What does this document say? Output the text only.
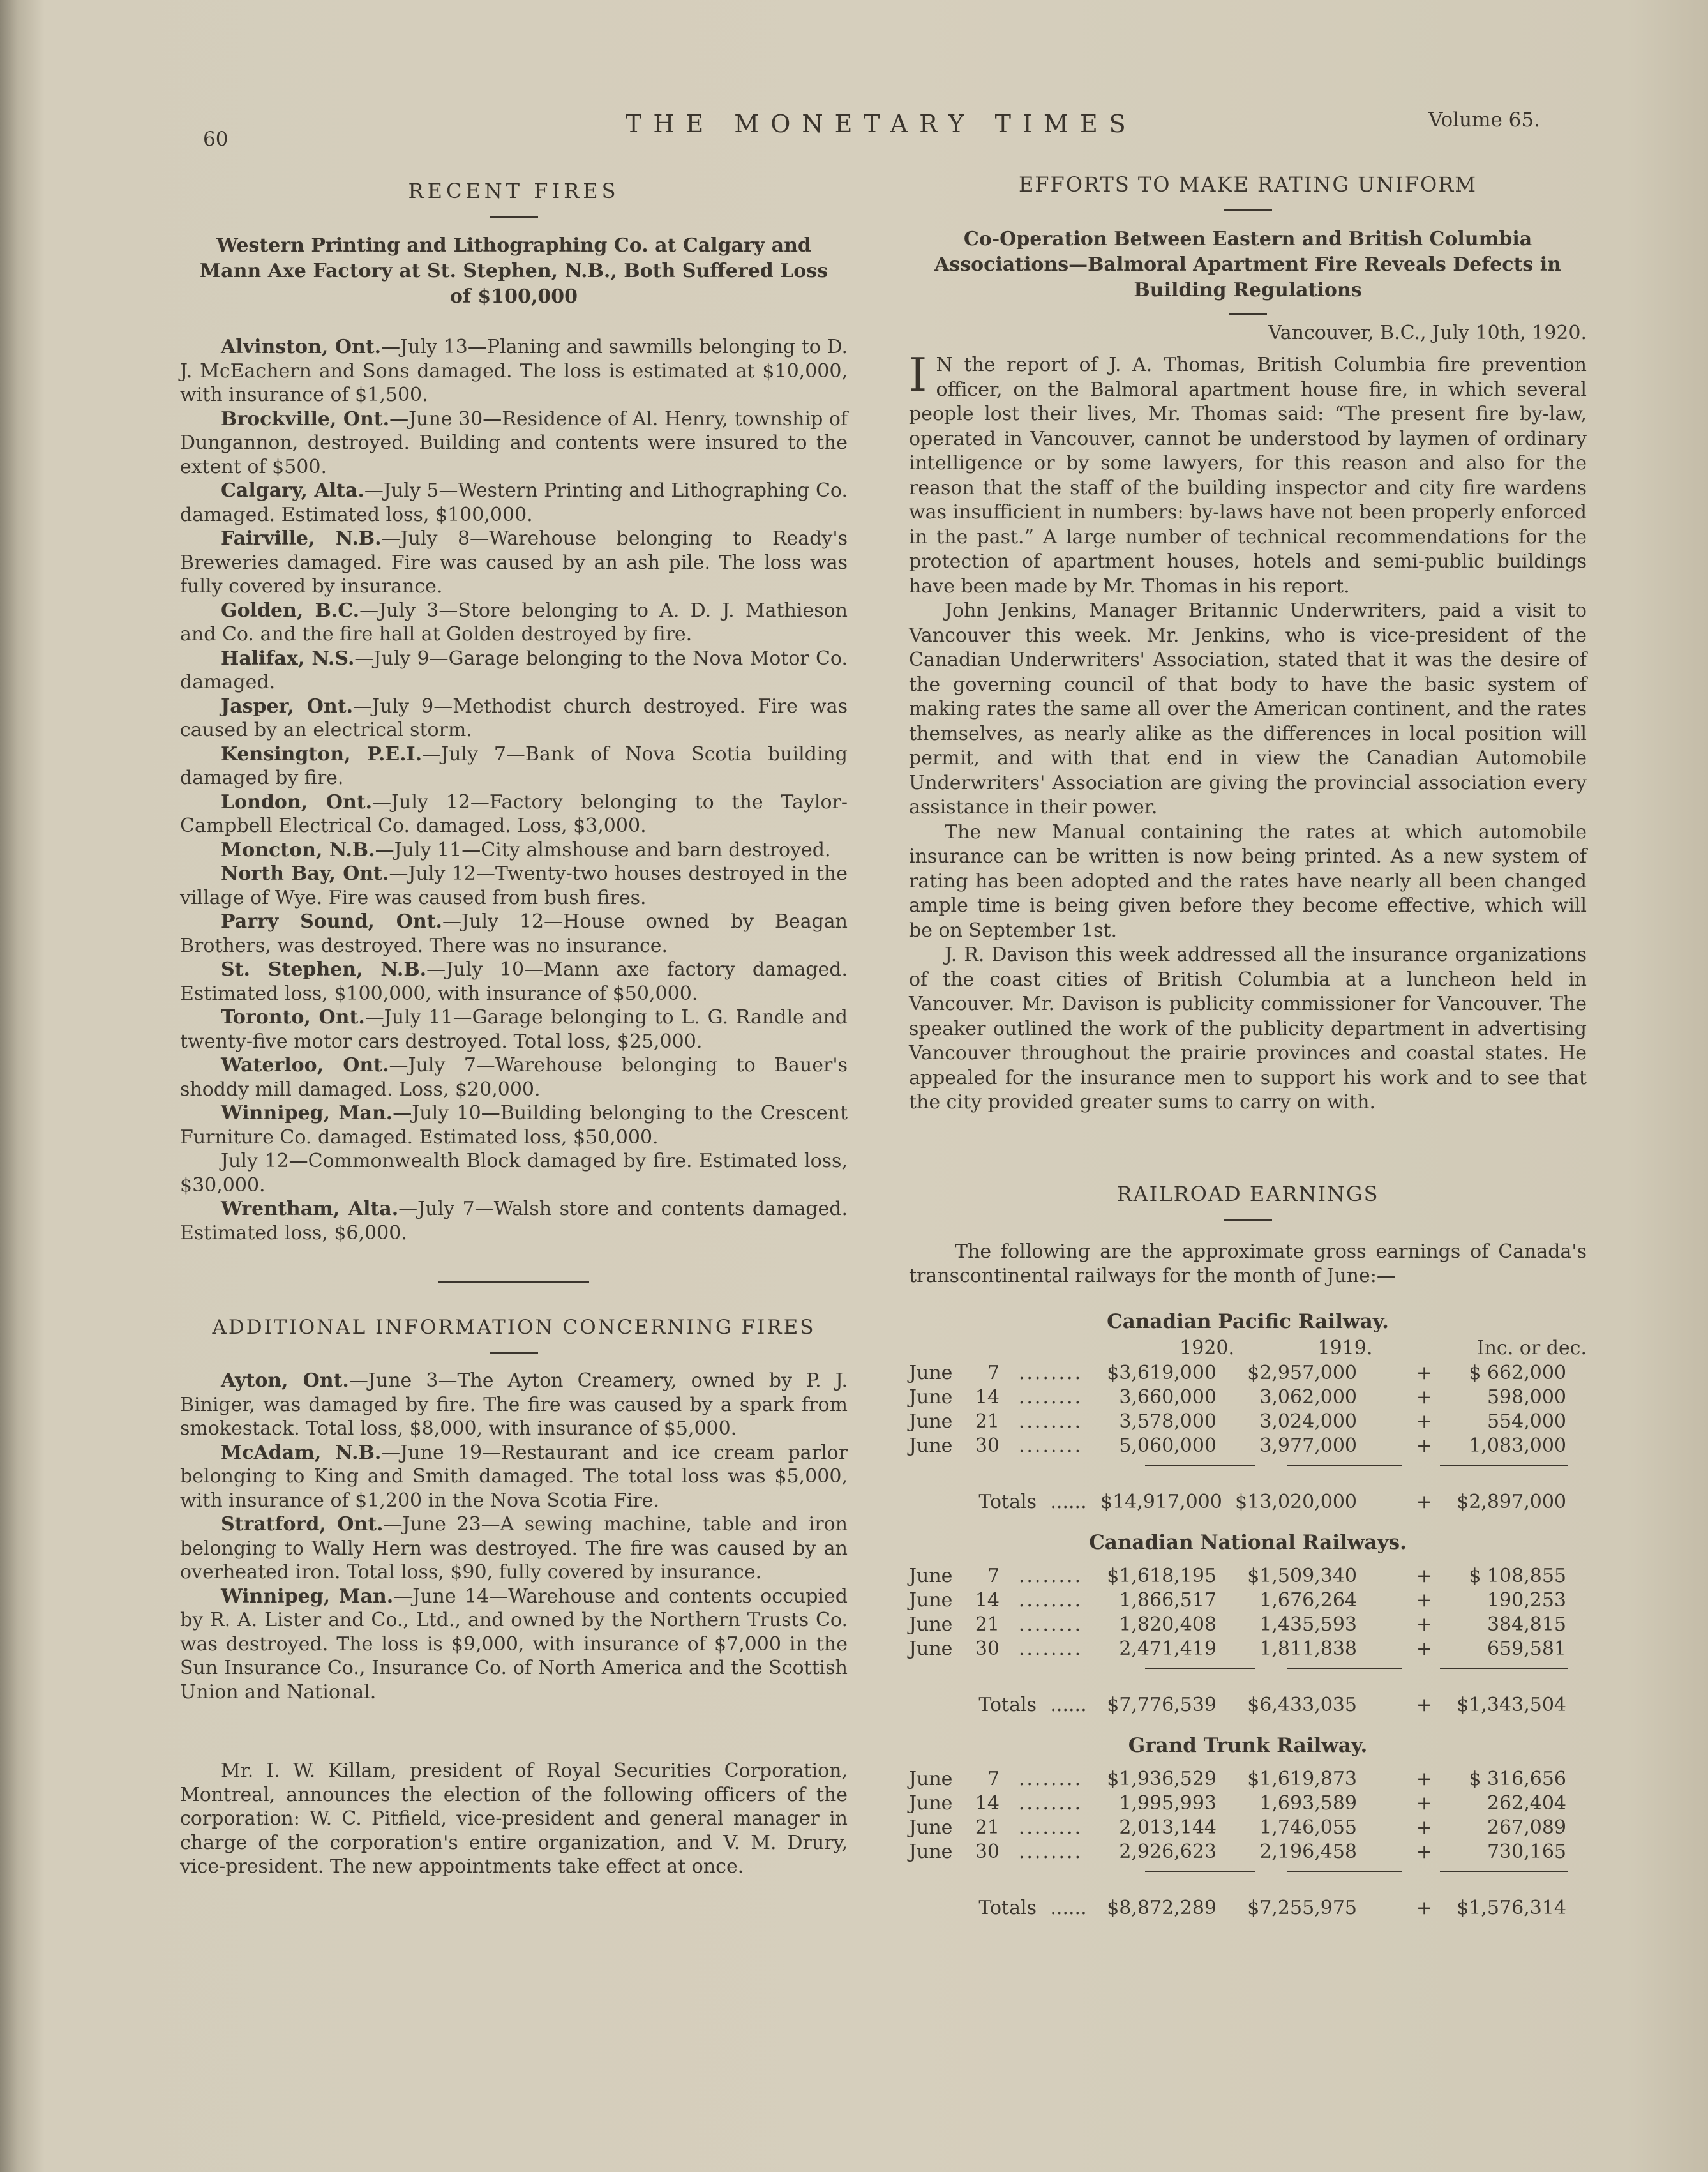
60
THE MONETARY TIMES	Volume 65.
RECENT FIRES
Western Printing and Lithographing Co. at Calgary and Mann Axe Factory at St. Stephen, N.B., Both Suffered Loss of $100,000

Alvinston, Ont.—July 13—Planing and sawmills belonging to D. J. McEachern and Sons damaged. The loss is estimated at $10,000, with insurance of $1,500.

Brockville, Ont.—June 30—Residence of Al. Henry, township of Dungannon, destroyed. Building and contents were insured to the extent of $500.

Calgary, Alta.—July 5—Western Printing and Lithographing Co. damaged. Estimated loss, $100,000.

Fairville, N.B.—July 8—Warehouse belonging to Ready's Breweries damaged. Fire was caused by an ash pile. The loss was fully covered by insurance.

Golden, B.C.—July 3—Store belonging to A. D. J. Mathieson and Co. and the fire hall at Golden destroyed by fire.

Halifax, N.S.—July 9—Garage belonging to the Nova Motor Co. damaged.

Jasper, Ont.—July 9—Methodist church destroyed. Fire was caused by an electrical storm.

Kensington, P.E.I.—July 7—Bank of Nova Scotia building damaged by fire.

London, Ont.—July 12—Factory belonging to the Taylor-Campbell Electrical Co. damaged. Loss, $3,000.

Moncton, N.B.—July 11—City almshouse and barn destroyed.

North Bay, Ont.—July 12—Twenty-two houses destroyed in the village of Wye. Fire was caused from bush fires.

Parry Sound, Ont.—July 12—House owned by Beagan Brothers, was destroyed. There was no insurance.

St. Stephen, N.B.—July 10—Mann axe factory damaged. Estimated loss, $100,000, with insurance of $50,000.

Toronto, Ont.—July 11—Garage belonging to L. G. Randle and twenty-five motor cars destroyed. Total loss, $25,000.

Waterloo, Ont.—July 7—Warehouse belonging to Bauer's shoddy mill damaged. Loss, $20,000.

Winnipeg, Man.—July 10—Building belonging to the Crescent Furniture Co. damaged. Estimated loss, $50,000.

July 12—Commonwealth Block damaged by fire. Estimated loss, $30,000.

Wrentham, Alta.—July 7—Walsh store and contents damaged. Estimated loss, $6,000.

ADDITIONAL INFORMATION CONCERNING FIRES

Ayton, Ont.—June 3—The Ayton Creamery, owned by P. J. Biniger, was damaged by fire. The fire was caused by a spark from smokestack. Total loss, $8,000, with insurance of $5,000.

McAdam, N.B.—June 19—Restaurant and ice cream parlor belonging to King and Smith damaged. The total loss was $5,000, with insurance of $1,200 in the Nova Scotia Fire.

Stratford, Ont.—June 23—A sewing machine, table and iron belonging to Wally Hern was destroyed. The fire was caused by an overheated iron. Total loss, $90, fully covered by insurance.

Winnipeg, Man.—June 14—Warehouse and contents occupied by R. A. Lister and Co., Ltd., and owned by the Northern Trusts Co. was destroyed. The loss is $9,000, with insurance of $7,000 in the Sun Insurance Co., Insurance Co. of North America and the Scottish Union and National.

Mr. I. W. Killam, president of Royal Securities Corporation, Montreal, announces the election of the following officers of the corporation: W. C. Pitfield, vice-president and general manager in charge of the corporation's entire organization, and V. M. Drury, vice-president. The new appointments take effect at once.

EFFORTS TO MAKE RATING UNIFORM
Co-Operation Between Eastern and British Columbia Associations—Balmoral Apartment Fire Reveals Defects in Building Regulations
Vancouver, B.C., July 10th, 1920.

I N the report of J. A. Thomas, British Columbia fire prevention officer, on the Balmoral apartment house fire, in which several people lost their lives, Mr. Thomas said: “The present fire by-law, operated in Vancouver, cannot be understood by laymen of ordinary intelligence or by some lawyers, for this reason and also for the reason that the staff of the building inspector and city fire wardens was insufficient in numbers: by-laws have not been properly enforced in the past.” A large number of technical recommendations for the protection of apartment houses, hotels and semi-public buildings have been made by Mr. Thomas in his report.

John Jenkins, Manager Britannic Underwriters, paid a visit to Vancouver this week. Mr. Jenkins, who is vice-president of the Canadian Underwriters' Association, stated that it was the desire of the governing council of that body to have the basic system of making rates the same all over the American continent, and the rates themselves, as nearly alike as the differences in local position will permit, and with that end in view the Canadian Automobile Underwriters' Association are giving the provincial association every assistance in their power.

The new Manual containing the rates at which automobile insurance can be written is now being printed. As a new system of rating has been adopted and the rates have nearly all been changed ample time is being given before they become effective, which will be on September 1st.

J. R. Davison this week addressed all the insurance organizations of the coast cities of British Columbia at a luncheon held in Vancouver. Mr. Davison is publicity commissioner for Vancouver. The speaker outlined the work of the publicity department in advertising Vancouver throughout the prairie provinces and coastal states. He appealed for the insurance men to support his work and to see that the city provided greater sums to carry on with.

RAILROAD EARNINGS

The following are the approximate gross earnings of Canada's transcontinental railways for the month of June:—

Canadian Pacific Railway.
1920.	1919.	Inc. or dec.
June	7 ........	$3,619,000	$2,957,000	+	$ 662,000
June	14 ........	3,660,000	3,062,000	+	598,000
June	21 ........	3,578,000	3,024,000	+	554,000
June	30 ........	5,060,000	3,977,000	+	1,083,000
Totals ...... $14,917,000 $13,020,000	+	$2,897,000
Canadian National Railways.
June	7 ........	$1,618,195	$1,509,340	+	$ 108,855
June	14 ........	1,866,517	1,676,264	+	190,253
June	21 ........	1,820,408	1,435,593	+	384,815
June	30 ........	2,471,419	1,811,838	+	659,581
Totals ......	$7,776,539	$6,433,035	+	$1,343,504
Grand Trunk Railway.
June	7 ........	$1,936,529	$1,619,873	+	$ 316,656
June	14 ........	1,995,993	1,693,589	+	262,404
June	21 ........	2,013,144	1,746,055	+	267,089
June	30 ........	2,926,623	2,196,458	+	730,165
Totals ......	$8,872,289	$7,255,975	+	$1,576,314
